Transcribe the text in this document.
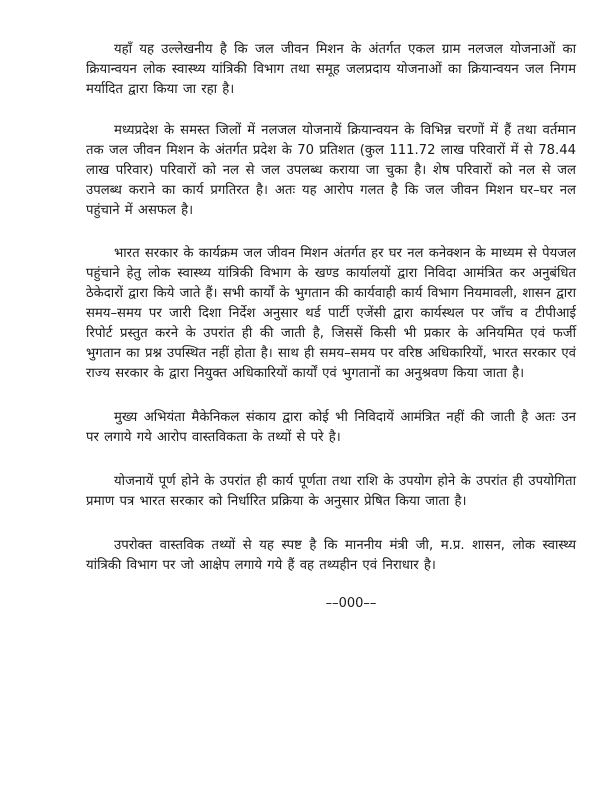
यहाँ यह उल्लेखनीय है कि जल जीवन मिशन के अंतर्गत एकल ग्राम नलजल योजनाओं का क्रियान्वयन लोक स्वास्थ्य यांत्रिकी विभाग तथा समूह जलप्रदाय योजनाओं का क्रियान्वयन जल निगम मर्यादित द्वारा किया जा रहा है।

मध्यप्रदेश के समस्त जिलों में नलजल योजनायें क्रियान्वयन के विभिन्न चरणों में हैं तथा वर्तमान तक जल जीवन मिशन के अंतर्गत प्रदेश के 70 प्रतिशत (कुल 111.72 लाख परिवारों में से 78.44 लाख परिवार) परिवारों को नल से जल उपलब्ध कराया जा चुका है। शेष परिवारों को नल से जल उपलब्ध कराने का कार्य प्रगतिरत है। अतः यह आरोप गलत है कि जल जीवन मिशन घर–घर नल पहुंचाने में असफल है।

भारत सरकार के कार्यक्रम जल जीवन मिशन अंतर्गत हर घर नल कनेक्शन के माध्यम से पेयजल पहुंचाने हेतु लोक स्वास्थ्य यांत्रिकी विभाग के खण्ड कार्यालयों द्वारा निविदा आमंत्रित कर अनुबंधित ठेकेदारों द्वारा किये जाते हैं। सभी कार्यों के भुगतान की कार्यवाही कार्य विभाग नियमावली, शासन द्वारा समय–समय पर जारी दिशा निर्देश अनुसार थर्ड पार्टी एजेंसी द्वारा कार्यस्थल पर जाँच व टीपीआई रिपोर्ट प्रस्तुत करने के उपरांत ही की जाती है, जिससें किसी भी प्रकार के अनियमित एवं फर्जी भुगतान का प्रश्न उपस्थित नहीं होता है। साथ ही समय–समय पर वरिष्ठ अधिकारियों, भारत सरकार एवं राज्य सरकार के द्वारा नियुक्त अधिकारियों कार्यों एवं भुगतानों का अनुश्रवण किया जाता है।

मुख्य अभियंता मैकेनिकल संकाय द्वारा कोई भी निविदायें आमंत्रित नहीं की जाती है अतः उन पर लगाये गये आरोप वास्तविकता के तथ्यों से परे है।

योजनायें पूर्ण होने के उपरांत ही कार्य पूर्णता तथा राशि के उपयोग होने के उपरांत ही उपयोगिता प्रमाण पत्र भारत सरकार को निर्धारित प्रक्रिया के अनुसार प्रेषित किया जाता है।

उपरोक्त वास्तविक तथ्यों से यह स्पष्ट है कि माननीय मंत्री जी, म.प्र. शासन, लोक स्वास्थ्य यांत्रिकी विभाग पर जो आक्षेप लगाये गये हैं वह तथ्यहीन एवं निराधार है।

––000––
